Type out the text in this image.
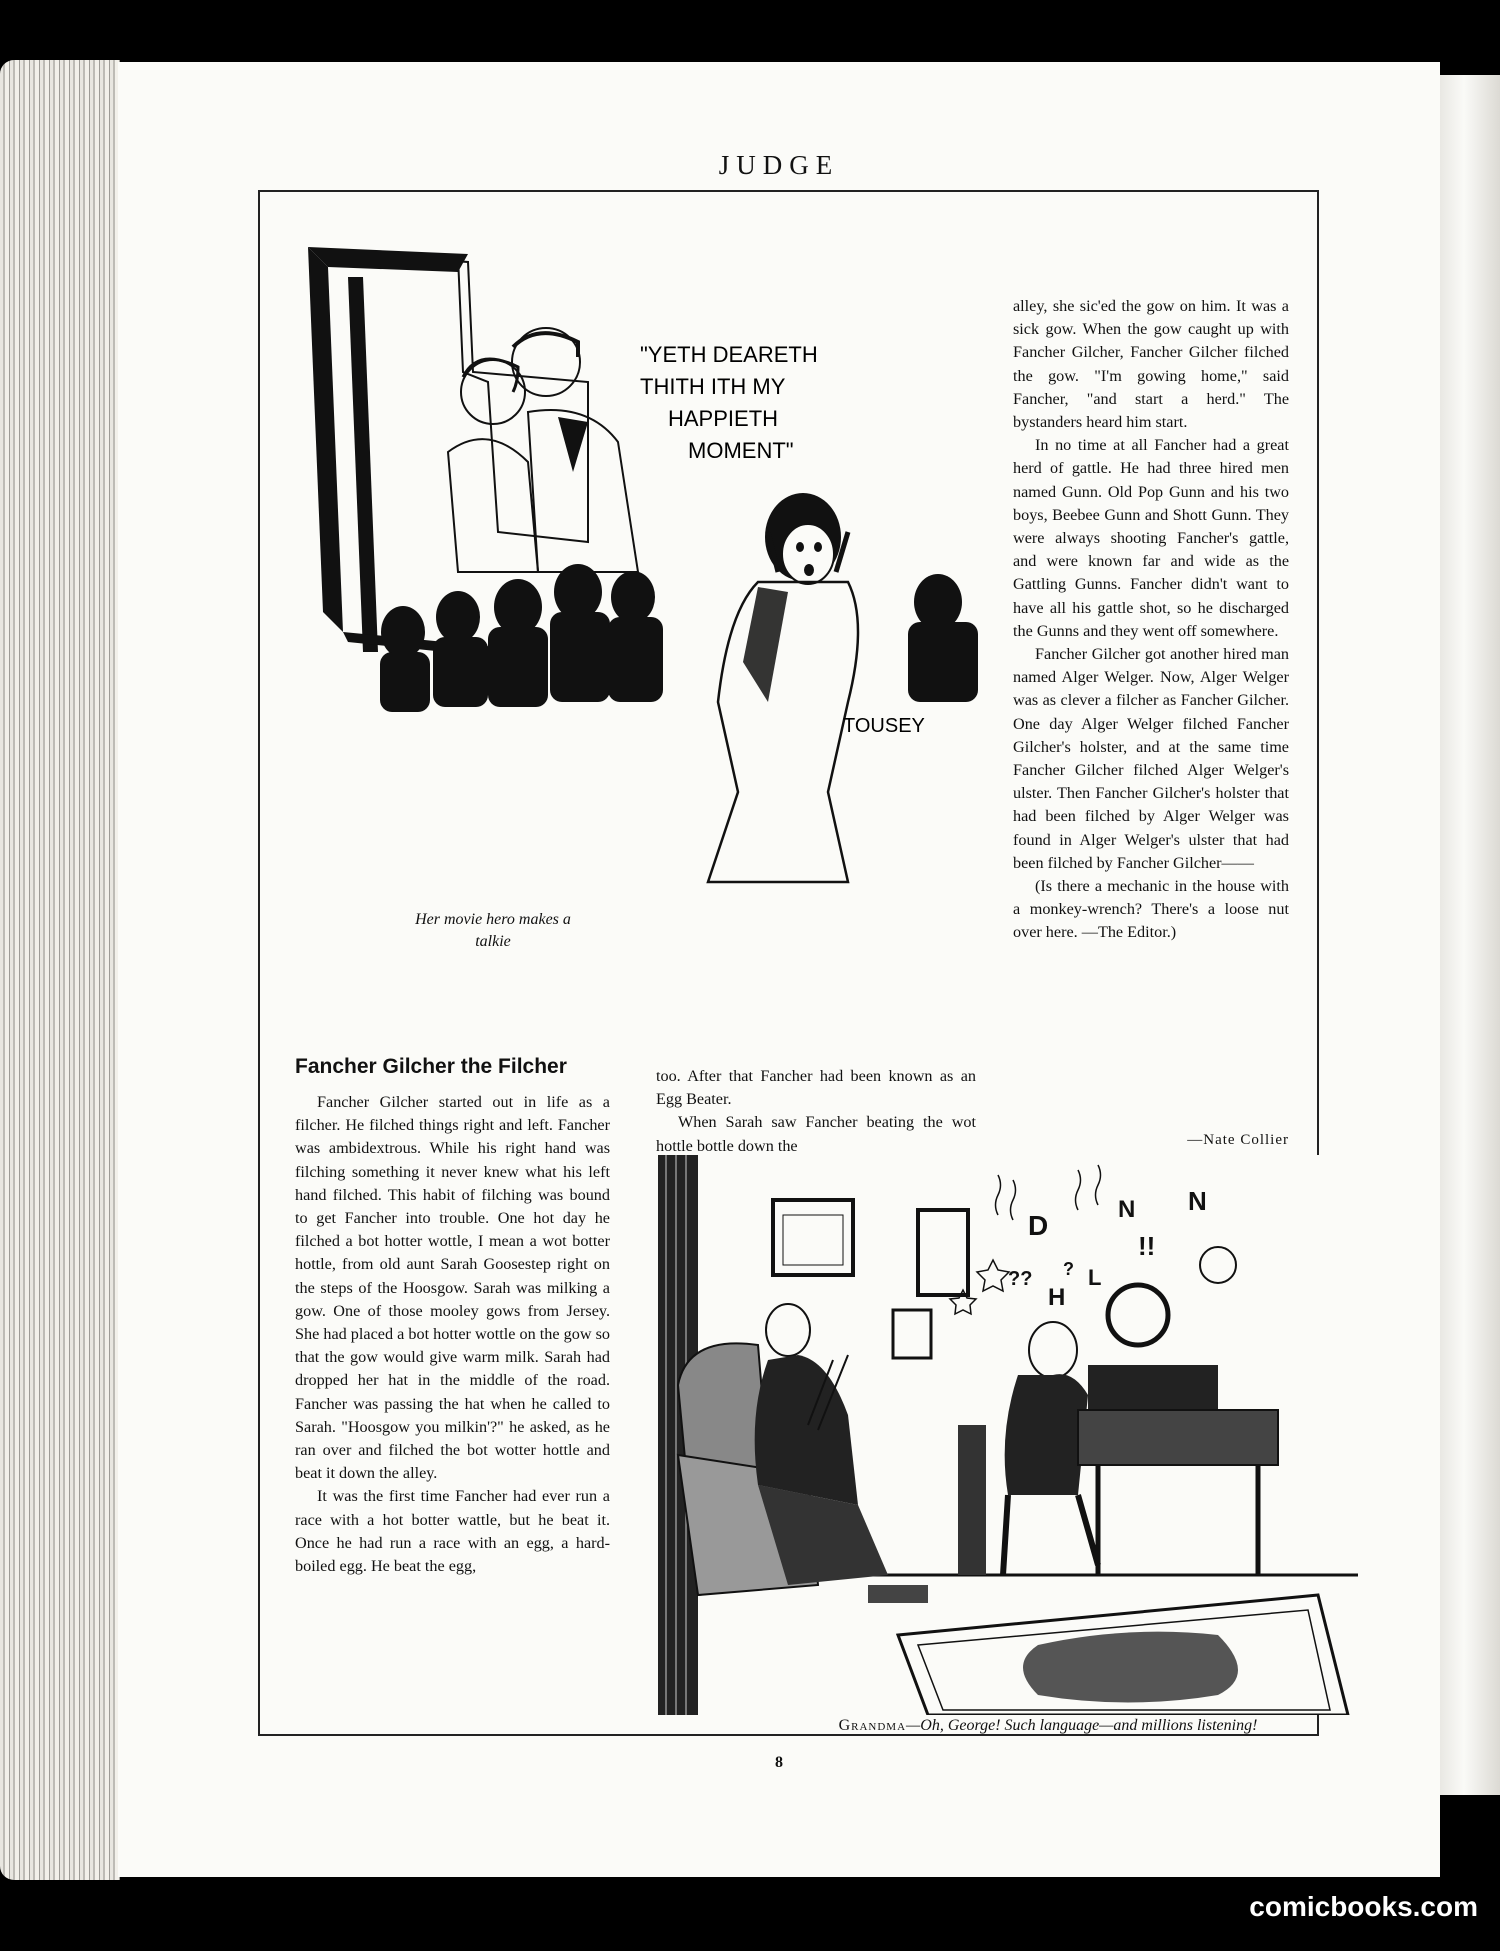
JUDGE
"YETH DEARETH
THITH ITH MY
HAPPIETH
MOMENT"
TOUSEY
Her movie hero makes a
talkie

alley, she sic'ed the gow on him. It was a sick gow. When the gow caught up with Fancher Gilcher, Fancher Gilcher filched the gow. "I'm gowing home," said Fancher, "and start a herd." The bystanders heard him start.

In no time at all Fancher had a great herd of gattle. He had three hired men named Gunn. Old Pop Gunn and his two boys, Beebee Gunn and Shott Gunn. They were always shooting Fancher's gattle, and were known far and wide as the Gattling Gunns. Fancher didn't want to have all his gattle shot, so he discharged the Gunns and they went off somewhere.

Fancher Gilcher got another hired man named Alger Welger. Now, Alger Welger was as clever a filcher as Fancher Gilcher. One day Alger Welger filched Fancher Gilcher's holster, and at the same time Fancher Gilcher filched Alger Welger's ulster. Then Fancher Gilcher's holster that had been filched by Alger Welger was found in Alger Welger's ulster that had been filched by Fancher Gilcher——

(Is there a mechanic in the house with a monkey-wrench? There's a loose nut over here. —The Editor.)

—Nate Collier
Fancher Gilcher the Filcher

Fancher Gilcher started out in life as a filcher. He filched things right and left. Fancher was ambidextrous. While his right hand was filching something it never knew what his left hand filched. This habit of filching was bound to get Fancher into trouble. One hot day he filched a bot hotter wottle, I mean a wot botter hottle, from old aunt Sarah Goosestep right on the steps of the Hoosgow. Sarah was milking a gow. One of those mooley gows from Jersey. She had placed a bot hotter wottle on the gow so that the gow would give warm milk. Sarah had dropped her hat in the middle of the road. Fancher was passing the hat when he called to Sarah. "Hoosgow you milkin'?" he asked, as he ran over and filched the bot wotter hottle and beat it down the alley.

It was the first time Fancher had ever run a race with a hot botter wattle, but he beat it. Once he had run a race with an egg, a hard-boiled egg. He beat the egg,

too. After that Fancher had been known as an Egg Beater.

When Sarah saw Fancher beating the wot hottle bottle down the

D
N N
!!
H
L
?? ?
Grandma—Oh, George! Such language—and millions listening!
8
comicbooks.com
